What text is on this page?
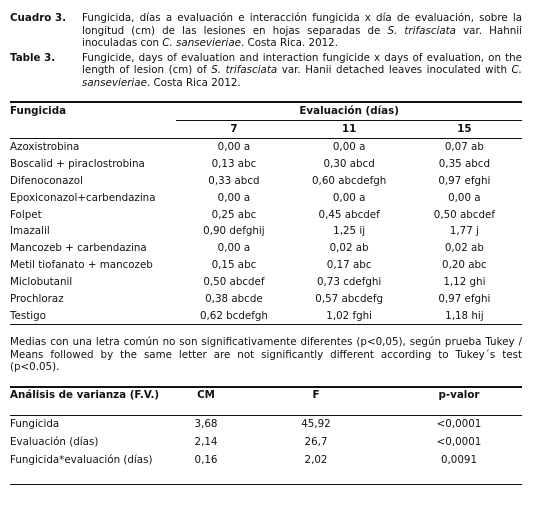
Cuadro 3.	Fungicida, días a evaluación e interacción fungicida x día de evaluación, sobre la longitud (cm) de las lesiones en hojas separadas de S. trifasciata var. Hahnii inoculadas con C. sansevieriae. Costa Rica. 2012.
Table 3.	Fungicide, days of evaluation and interaction fungicide x days of evaluation, on the length of lesion (cm) of S. trifasciata var. Hanii detached leaves inoculated with C. sansevieriae. Costa Rica 2012.
Fungicida	Evaluación (días)		
	7	11	15
Azoxistrobina	0,00 a	0,00 a	0,07 ab
Boscalid + piraclostrobina	0,13 abc	0,30 abcd	0,35 abcd
Difenoconazol	0,33 abcd	0,60 abcdefgh	0,97 efghi
Epoxiconazol+carbendazina	0,00 a	0,00 a	0,00 a
Folpet	0,25 abc	0,45 abcdef	0,50 abcdef
Imazalil	0,90 defghij	1,25 ij	1,77 j
Mancozeb + carbendazina	0,00 a	0,02 ab	0,02 ab
Metil tiofanato + mancozeb	0,15 abc	0,17 abc	0,20 abc
Miclobutanil	0,50 abcdef	0,73 cdefghi	1,12 ghi
Prochloraz	0,38 abcde	0,57 abcdefg	0,97 efghi
Testigo	0,62 bcdefgh	1,02 fghi	1,18 hij
Medias con una letra común no son significativamente diferentes (p<0,05), según prueba Tukey / Means followed by the same letter are not significantly different according to Tukey´s test (p<0.05).
Análisis de varianza (F.V.)	CM	F	p-valor
Fungicida	3,68	45,92	<0,0001
Evaluación (días)	2,14	26,7	<0,0001
Fungicida*evaluación (días)	0,16	2,02	0,0091
